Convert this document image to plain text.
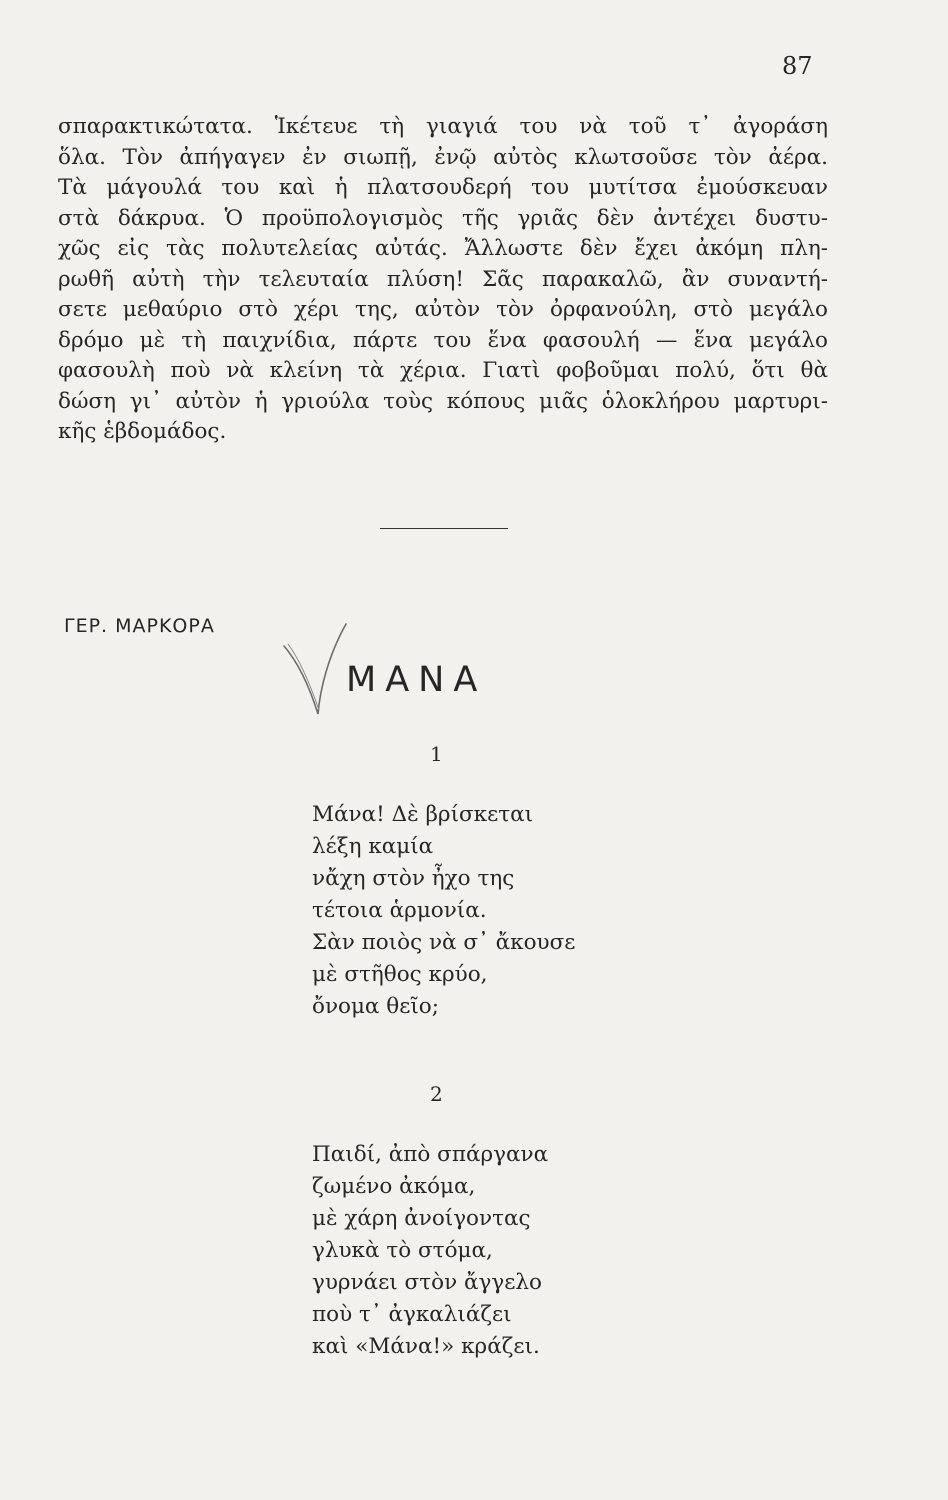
87
σπαρακτικώτατα. Ἱκέτευε τὴ γιαγιά του νὰ τοῦ τ᾽ ἀγοράση
ὅλα. Τὸν ἀπήγαγεν ἐν σιωπῇ, ἐνῷ αὐτὸς κλωτσοῦσε τὸν ἀέρα.
Τὰ μάγουλά του καὶ ἡ πλατσουδερή του μυτίτσα ἐμούσκευαν
στὰ δάκρυα. Ὁ προϋπολογισμὸς τῆς γριᾶς δὲν ἀντέχει δυστυ-
χῶς εἰς τὰς πολυτελείας αὐτάς. Ἄλλωστε δὲν ἔχει ἀκόμη πλη-
ρωθῆ αὐτὴ τὴν τελευταία πλύση! Σᾶς παρακαλῶ, ἂν συναντή-
σετε μεθαύριο στὸ χέρι της, αὐτὸν τὸν ὀρφανούλη, στὸ μεγάλο
δρόμο μὲ τὴ παιχνίδια, πάρτε του ἕνα φασουλή — ἕνα μεγάλο
φασουλὴ ποὺ νὰ κλείνη τὰ χέρια. Γιατὶ φοβοῦμαι πολύ, ὅτι θὰ
δώση γι᾽ αὐτὸν ἡ γριούλα τοὺς κόπους μιᾶς ὁλοκλήρου μαρτυρι-
κῆς ἑβδομάδος.
ΓΕΡ. ΜΑΡΚΟΡΑ
ΜΑΝΑ
1
Μάνα! Δὲ βρίσκεται
λέξη καμία
νἄχη στὸν ἦχο της
τέτοια ἁρμονία.
Σὰν ποιὸς νὰ σ᾽ ἄκουσε
μὲ στῆθος κρύο,
ὄνομα θεῖο;
2
Παιδί, ἀπὸ σπάργανα
ζωμένο ἀκόμα,
μὲ χάρη ἀνοίγοντας
γλυκὰ τὸ στόμα,
γυρνάει στὸν ἄγγελο
ποὺ τ᾽ ἀγκαλιάζει
καὶ «Μάνα!» κράζει.
